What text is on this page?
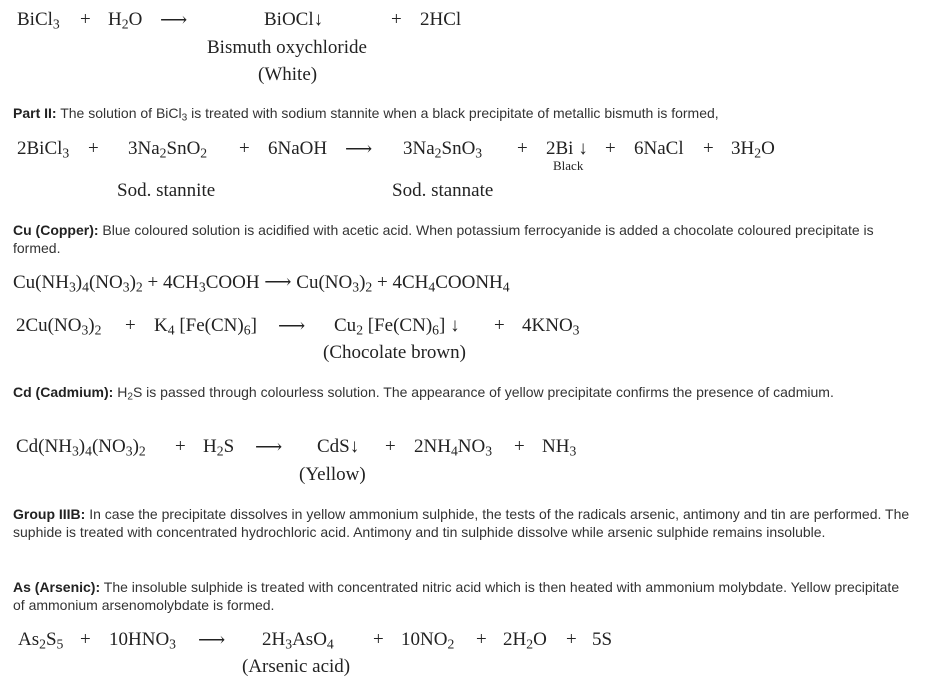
BiCl$_3$ + $H_2O$ ⟶	BiOCl↓	+ 2HCl
Bismuth oxychloride
(White)
Part II: The solution of BiCl$_3$ is treated with sodium stannite when a black precipitate of metallic bismuth is formed,
2BiCl$_3$ + $3Na_2SnO_2$ + 6NaOH ⟶ $3Na_2SnO_3 + 2Bi$ ↓ + 6NaCl + $3H_2O$
Black
Sod. stannite	Sod. stannate
Cu (Copper): Blue coloured solution is acidified with acetic acid. When potassium ferrocyanide is added a chocolate coloured precipitate is formed.
$Cu(NH_3)_4(NO_3)_2$ + $4CH_3COOH$ ⟶ $Cu(NO_3)_2$ + $4CH_4COONH_4$
$2Cu(NO_3)_2 + K_4$ $[Fe(CN)_6]$ ⟶ $Cu_2$ $[Fe(CN)_6]$ ↓ + $4KNO_3$
(Chocolate brown)
Cd (Cadmium): $H_2S$ is passed through colourless solution. The appearance of yellow precipitate confirms the presence of cadmium.
$Cd(NH_3)_4(NO_3)_2 + H_2S$ ⟶ CdS↓ + $2NH_4NO_3 + NH_3$
(Yellow)
Group IIIB: In case the precipitate dissolves in yellow ammonium sulphide, the tests of the radicals arsenic, antimony and tin are performed. The suphide is treated with concentrated hydrochloric acid. Antimony and tin sulphide dissolve while arsenic sulphide remains insoluble.
As (Arsenic): The insoluble sulphide is treated with concentrated nitric acid which is then heated with ammonium molybdate. Yellow precipitate of ammonium arsenomolybdate is formed.
$As_2S_5 + 10HNO_3$ ⟶ $2H_3AsO_4 + 10NO_2 + 2H_2O + 5S$
(Arsenic acid)
